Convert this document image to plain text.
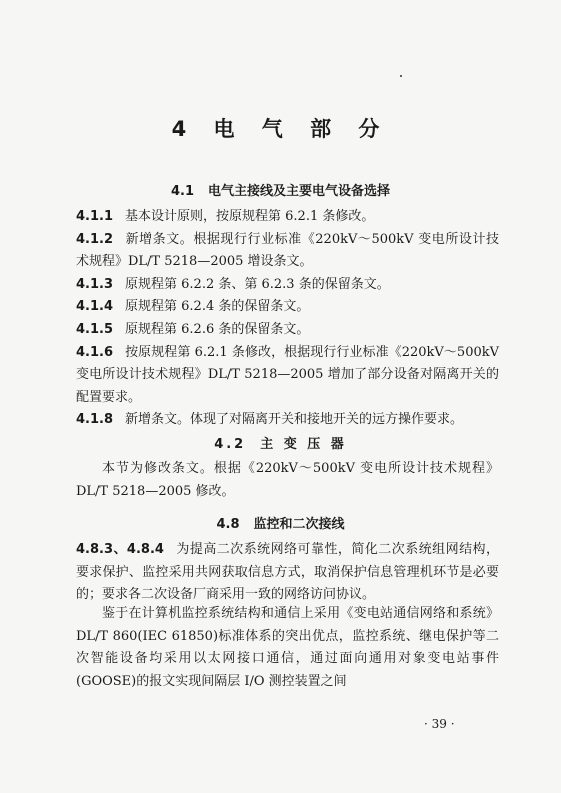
4 电 气 部 分
4.1 电气主接线及主要电气设备选择

4.1.1 基本设计原则，按原规程第 6.2.1 条修改。

4.1.2 新增条文。根据现行行业标准《220kV～500kV 变电所设计技术规程》DL/T 5218—2005 增设条文。

4.1.3 原规程第 6.2.2 条、第 6.2.3 条的保留条文。

4.1.4 原规程第 6.2.4 条的保留条文。

4.1.5 原规程第 6.2.6 条的保留条文。

4.1.6 按原规程第 6.2.1 条修改，根据现行行业标准《220kV～500kV 变电所设计技术规程》DL/T 5218—2005 增加了部分设备对隔离开关的配置要求。

4.1.8 新增条文。体现了对隔离开关和接地开关的远方操作要求。

4.2 主 变 压 器
本节为修改条文。根据《220kV～500kV 变电所设计技术规程》DL/T 5218—2005 修改。
4.8 监控和二次接线

4.8.3、4.8.4 为提高二次系统网络可靠性，简化二次系统组网结构，要求保护、监控采用共网获取信息方式，取消保护信息管理机环节是必要的；要求各二次设备厂商采用一致的网络访问协议。

鉴于在计算机监控系统结构和通信上采用《变电站通信网络和系统》DL/T 860(IEC 61850)标准体系的突出优点，监控系统、继电保护等二次智能设备均采用以太网接口通信，通过面向通用对象变电站事件(GOOSE)的报文实现间隔层 I/O 测控装置之间
· 39 ·
